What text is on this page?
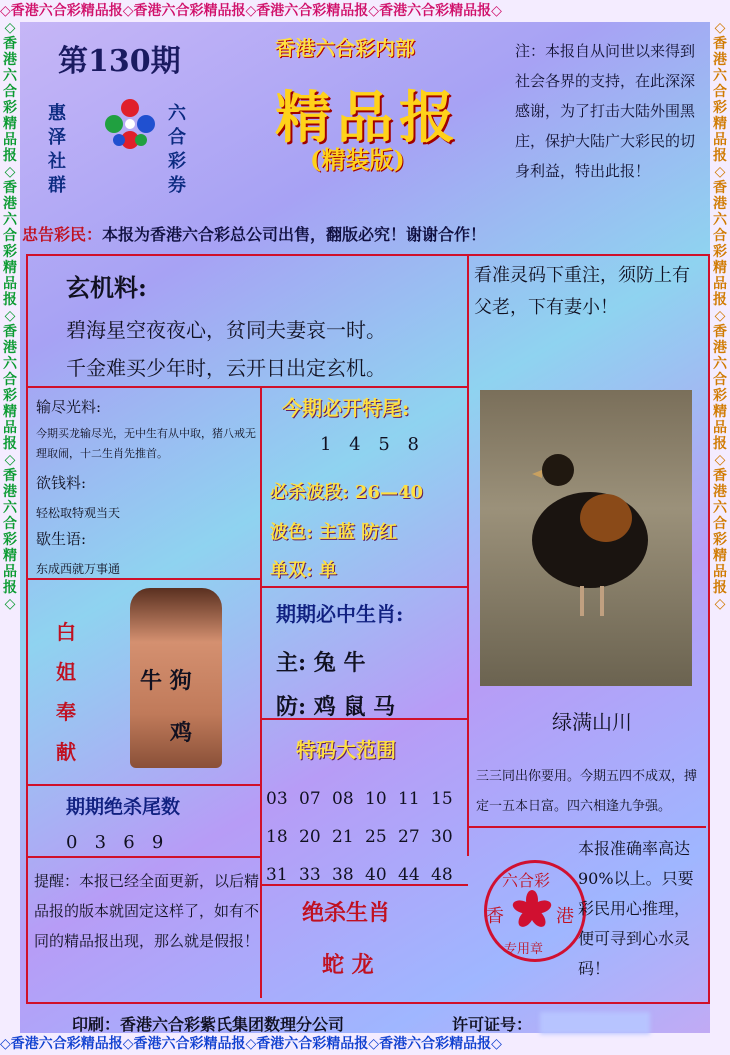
◇香港六合彩精品报◇香港六合彩精品报◇香港六合彩精品报◇香港六合彩精品报◇
◇香港六合彩精品报◇香港六合彩精品报◇香港六合彩精品报◇香港六合彩精品报◇
◇香港六合彩精品报◇香港六合彩精品报◇香港六合彩精品报◇香港六合彩精品报◇
◇香港六合彩精品报◇香港六合彩精品报◇香港六合彩精品报◇香港六合彩精品报◇
第130期
惠泽社群
六合彩券
香港六合彩内部
精品报
(精装版)
注：本报自从问世以来得到社会各界的支持，在此深深感谢，为了打击大陆外围黑庄，保护大陆广大彩民的切身利益，特出此报！
忠告彩民：本报为香港六合彩总公司出售，翻版必究！谢谢合作！
玄机料:
碧海星空夜夜心，贫同夫妻哀一时。
千金难买少年时，云开日出定玄机。
看准灵码下重注，须防上有父老，下有妻小！
输尽光料:
今期买龙输尽光，无中生有从中取，猪八戒无理取闹，十二生肖先推首。
欲钱料:
轻松取特观当天
歇生语:
东成西就万事通
今期必开特尾:
1 4 5 8
必杀波段: 26—40
波色: 主蓝 防红
单双: 单
期期必中生肖:
主: 兔 牛
防: 鸡 鼠 马
特码大范围
03 07 08 10 11 15
18 20 21 25 27 30
31 33 38 40 44 48
绝杀生肖
蛇 龙
白姐奉献
牛 狗
鸡
期期绝杀尾数
0   3   6   9
提醒：本报已经全面更新，以后精品报的版本就固定这样了，如有不同的精品报出现，那么就是假报！
绿满山川
三三同出你要用。今期五四不成双，搏定一五本日富。四六相逢九争强。
六合彩
香	港
专用章
本报准确率高达90%以上。只要彩民用心推理，便可寻到心水灵码！
印刷：香港六合彩紫氏集团数理分公司	许可证号：
